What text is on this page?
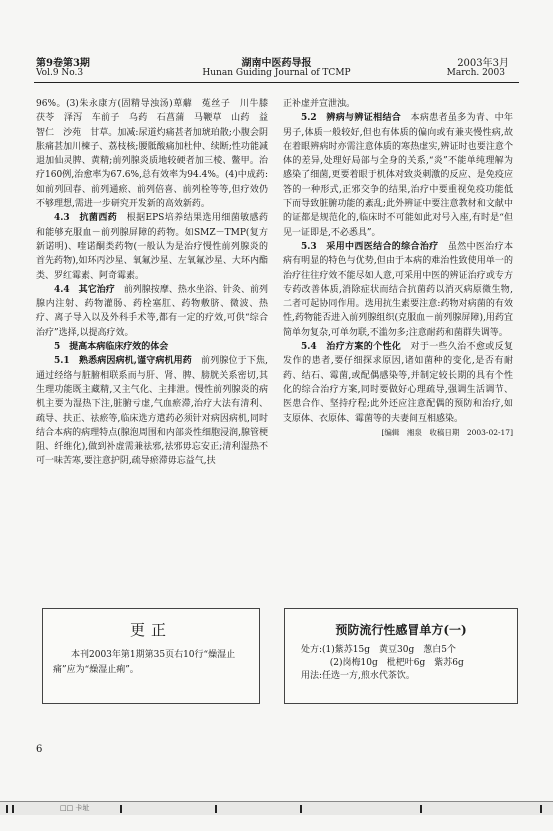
第9卷第3期
Vol.9 No.3
湖南中医药导报
Hunan Guiding Journal of TCMP
2003年3月
March. 2003

96%。(3)朱永康方(固精导浊汤)萆薢　菟丝子　川牛膝　茯苓　泽泻　车前子　乌药　石菖蒲　马鞭草　山药　益智仁　沙苑　甘草。加减:尿道灼痛甚者加琥珀散;小腹会阴胀痛甚加川楝子、荔枝核;腰骶酸痛加杜仲、续断;性功能减退加仙灵脾、黄精;前列腺炎质地较硬者加三棱、鳖甲。治疗160例,治愈率为67.6%,总有效率为94.4%。(4)中成药:如前列回春、前列通瘀、前列倍喜、前列栓等等,但疗效仍不够理想,需进一步研究开发新的高效新药。

4.3　抗菌西药　 根据EPS培养结果选用细菌敏感药和能够充服血－前列腺屏障的药物。如SMZ－TMP(复方新诺明)、喹诺酮类药物(一般认为是治疗慢性前列腺炎的首先药物),如环丙沙星、氧氟沙星、左氧氟沙星、大环内酯类、罗红霉素、阿奇霉素。

4.4　其它治疗　 前列腺按摩、热水坐浴、针灸、前列腺内注射、药物灌肠、药栓塞肛、药物敷脐、微波、热疗、离子导入以及外科手术等,都有一定的疗效,可供“综合治疗”选择,以提高疗效。

5　提高本病临床疗效的体会

5.1　熟悉病因病机,谨守病机用药　 前列腺位于下焦,通过经络与脏腑相联系而与肝、肾、脾、膀胱关系密切,其生理功能既主藏精,又主气化、主排泄。慢性前列腺炎的病机主要为湿热下注,脏腑亏虚,气血瘀滞,治疗大法有清利、疏导、扶正、祛瘀等,临床选方遣药必须针对病因病机,同时结合本病的病理特点(腺泡周围和内部炎性细胞浸润,腺管梗阻、纤维化),做到补虚需兼祛邪,祛邪毋忘安正;清利湿热不可一味苦寒,要注意护阴,疏导瘀滞毋忘益气,扶

正补虚并宣泄浊。

5.2　辨病与辨证相结合　 本病患者虽多为青、中年男子,体质一般较好,但也有体质的偏向或有兼夹慢性病,故在着眼辨病时亦需注意体质的寒热虚实,辨证时也要注意个体的差异,处理好局部与全身的关系,“炎”不能单纯理解为感染了细菌,更要着眼于机体对致炎刺激的反应、是免疫应答的一种形式,正邪交争的结果,治疗中要重视免疫功能低下而导致脏腑功能的紊乱;此外辨证中要注意教材和文献中的证都是规范化的,临床时不可能如此对号入座,有时是“但见一证即是,不必悉具”。

5.3　采用中西医结合的综合治疗　 虽然中医治疗本病有明显的特色与优势,但由于本病的难治性致使用单一的治疗往往疗效不能尽如人意,可采用中医的辨证治疗或专方专药改善体质,消除症状而结合抗菌药以消灭病原微生物,二者可起协同作用。选用抗生素要注意:药物对病菌的有效性,药物能否进入前列腺组织(克服血－前列腺屏障),用药宜简单勿复杂,可单勿联,不滥勿多;注意耐药和菌群失调等。

5.4　治疗方案的个性化　 对于一些久治不愈或反复发作的患者,要仔细探求原因,诸如菌种的变化,是否有耐药、结石、霉菌,或配偶感染等,并制定较长期的具有个性化的综合治疗方案,同时要做好心理疏导,强调生活调节、医患合作、坚持疗程;此外还应注意配偶的预防和治疗,如支原体、衣原体、霉菌等的夫妻间互相感染。

[编辑　湘泉　收稿日期　2003-02-17]

更正
本刊2003年第1期第35页右10行“燥湿止痛”应为“燥湿止痢”。
预防流行性感冒单方(一)
处方:(1)紫苏15g　黄豆30g　葱白5个
(2)岗梅10g　枇杷叶6g　紫苏6g
用法:任选一方,煎水代茶饮。
6
□□ 卡址
